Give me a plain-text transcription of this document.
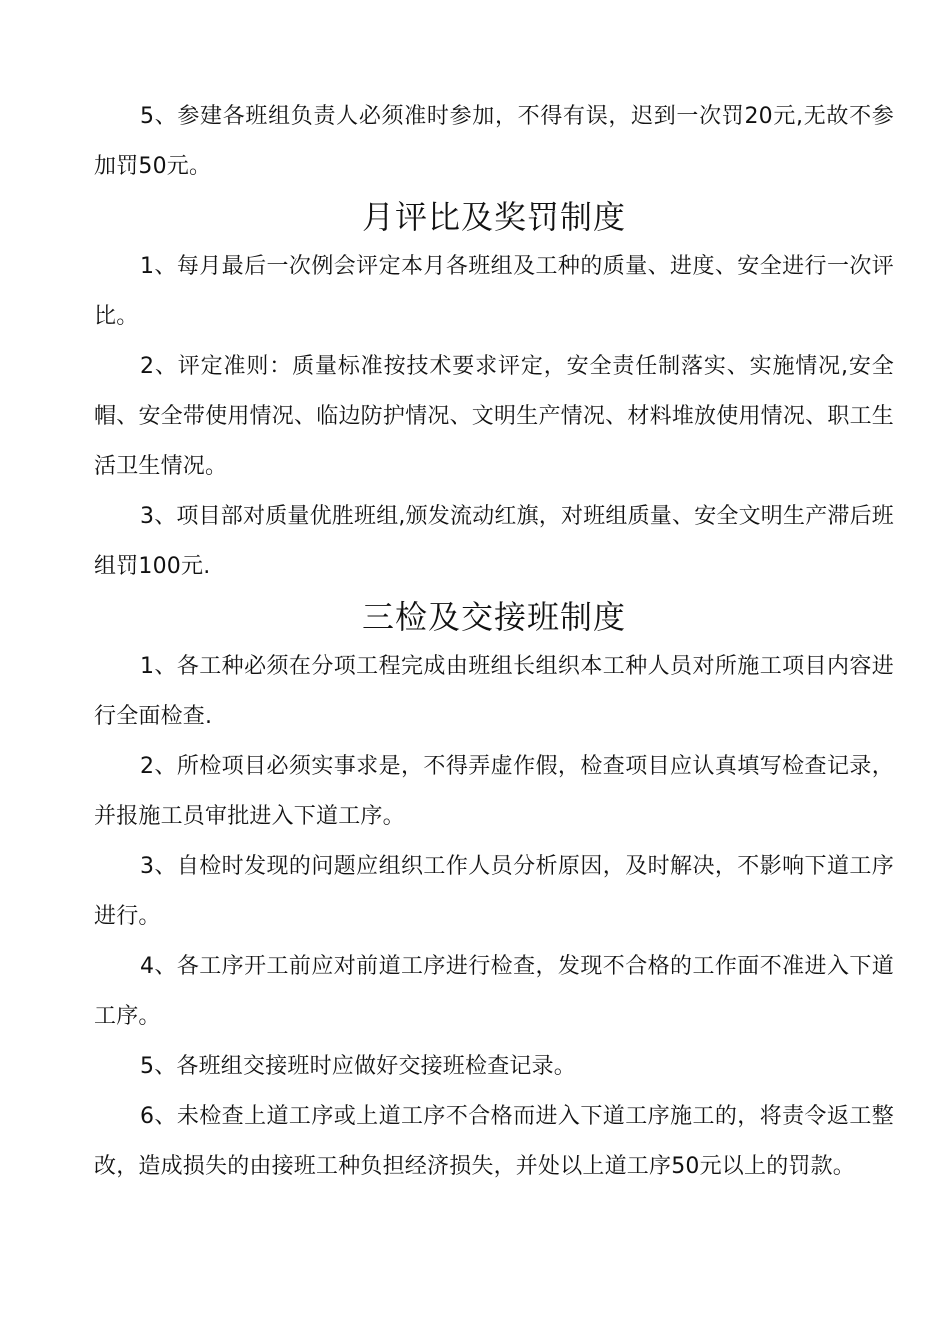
5、参建各班组负责人必须准时参加，不得有误，迟到一次罚20元,无故不参加罚50元。

月评比及奖罚制度

1、每月最后一次例会评定本月各班组及工种的质量、进度、安全进行一次评比。

2、评定准则：质量标准按技术要求评定，安全责任制落实、实施情况,安全帽、安全带使用情况、临边防护情况、文明生产情况、材料堆放使用情况、职工生活卫生情况。

3、项目部对质量优胜班组,颁发流动红旗，对班组质量、安全文明生产滞后班组罚100元.

三检及交接班制度

1、各工种必须在分项工程完成由班组长组织本工种人员对所施工项目内容进行全面检查.

2、所检项目必须实事求是，不得弄虚作假，检查项目应认真填写检查记录，并报施工员审批进入下道工序。

3、自检时发现的问题应组织工作人员分析原因，及时解决，不影响下道工序进行。

4、各工序开工前应对前道工序进行检查，发现不合格的工作面不准进入下道工序。

5、各班组交接班时应做好交接班检查记录。

6、未检查上道工序或上道工序不合格而进入下道工序施工的，将责令返工整改，造成损失的由接班工种负担经济损失，并处以上道工序50元以上的罚款。
